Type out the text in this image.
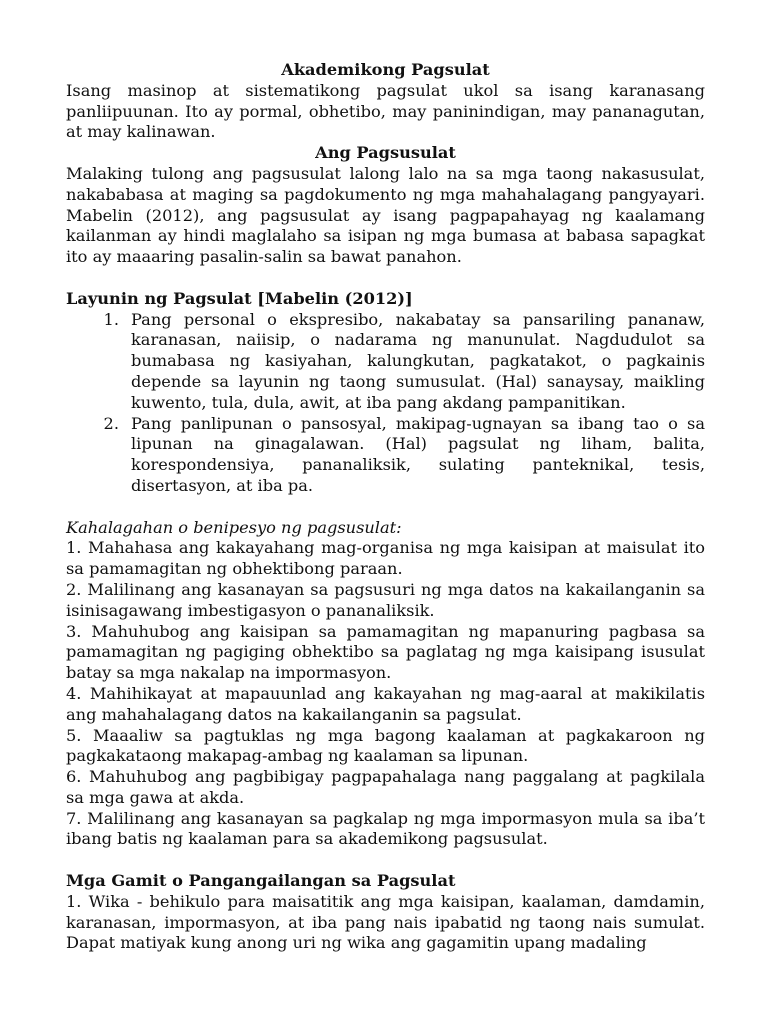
Akademikong Pagsulat

Isang masinop at sistematikong pagsulat ukol sa isang karanasang panliipuunan. Ito ay pormal, obhetibo, may paninindigan, may pananagutan, at may kalinawan.

Ang Pagsusulat

Malaking tulong ang pagsusulat lalong lalo na sa mga taong nakasusulat, nakababasa at maging sa pagdokumento ng mga mahahalagang pangyayari. Mabelin (2012), ang pagsusulat ay isang pagpapahayag ng kaalamang kailanman ay hindi maglalaho sa isipan ng mga bumasa at babasa sapagkat ito ay maaaring pasalin-salin sa bawat panahon.

Layunin ng Pagsulat [Mabelin (2012)]

1. Pang personal o ekspresibo, nakabatay sa pansariling pananaw, karanasan, naiisip, o nadarama ng manunulat. Nagdudulot sa bumabasa ng kasiyahan, kalungkutan, pagkatakot, o pagkainis depende sa layunin ng taong sumusulat. (Hal) sanaysay, maikling kuwento, tula, dula, awit, at iba pang akdang pampanitikan.
2. Pang panlipunan o pansosyal, makipag-ugnayan sa ibang tao o sa lipunan na ginagalawan. (Hal) pagsulat ng liham, balita, korespondensiya, pananaliksik, sulating panteknikal, tesis, disertasyon, at iba pa.

Kahalagahan o benipesyo ng pagsusulat:

1. Mahahasa ang kakayahang mag-organisa ng mga kaisipan at maisulat ito sa pamamagitan ng obhektibong paraan.

2. Malilinang ang kasanayan sa pagsusuri ng mga datos na kakailanganin sa isinisagawang imbestigasyon o pananaliksik.

3. Mahuhubog ang kaisipan sa pamamagitan ng mapanuring pagbasa sa pamamagitan ng pagiging obhektibo sa paglatag ng mga kaisipang isusulat batay sa mga nakalap na impormasyon.

4. Mahihikayat at mapauunlad ang kakayahan ng mag-aaral at makikilatis ang mahahalagang datos na kakailanganin sa pagsulat.

5. Maaaliw sa pagtuklas ng mga bagong kaalaman at pagkakaroon ng pagkakataong makapag-ambag ng kaalaman sa lipunan.

6. Mahuhubog ang pagbibigay pagpapahalaga nang paggalang at pagkilala sa mga gawa at akda.

7. Malilinang ang kasanayan sa pagkalap ng mga impormasyon mula sa iba’t ibang batis ng kaalaman para sa akademikong pagsusulat.

Mga Gamit o Pangangailangan sa Pagsulat

1. Wika - behikulo para maisatitik ang mga kaisipan, kaalaman, damdamin, karanasan, impormasyon, at iba pang nais ipabatid ng taong nais sumulat. Dapat matiyak kung anong uri ng wika ang gagamitin upang madaling
